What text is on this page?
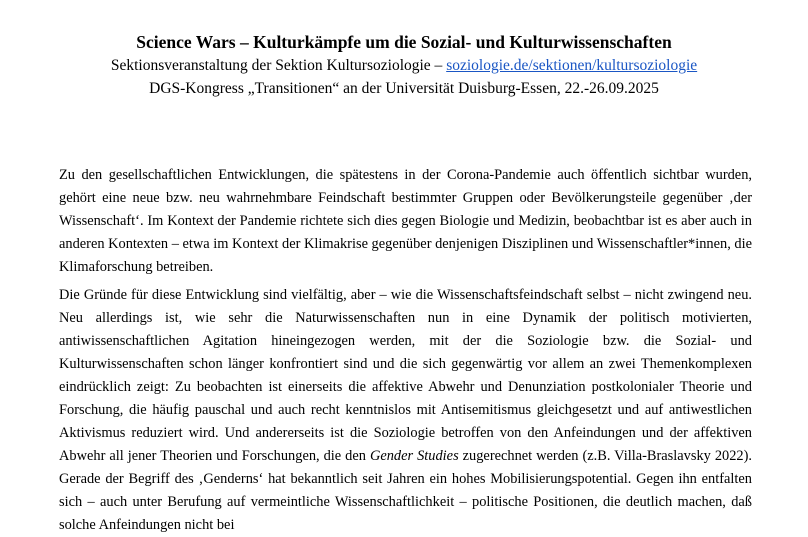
Science Wars – Kulturkämpfe um die Sozial- und Kulturwissenschaften

Sektionsveranstaltung der Sektion Kultursoziologie – soziologie.de/sektionen/kultursoziologie

DGS-Kongress „Transitionen“ an der Universität Duisburg-Essen, 22.-26.09.2025

Zu den gesellschaftlichen Entwicklungen, die spätestens in der Corona-Pandemie auch öffentlich sichtbar wurden, gehört eine neue bzw. neu wahrnehmbare Feindschaft bestimmter Gruppen oder Bevölkerungsteile gegenüber ‚der Wissenschaft‘. Im Kontext der Pandemie richtete sich dies gegen Biologie und Medizin, beobachtbar ist es aber auch in anderen Kontexten – etwa im Kontext der Klimakrise gegenüber denjenigen Disziplinen und Wissenschaftler*innen, die Klimaforschung betreiben.

Die Gründe für diese Entwicklung sind vielfältig, aber – wie die Wissenschaftsfeindschaft selbst – nicht zwingend neu. Neu allerdings ist, wie sehr die Naturwissenschaften nun in eine Dynamik der politisch motivierten, antiwissenschaftlichen Agitation hineingezogen werden, mit der die Soziologie bzw. die Sozial- und Kulturwissenschaften schon länger konfrontiert sind und die sich gegenwärtig vor allem an zwei Themenkomplexen eindrücklich zeigt: Zu beobachten ist einerseits die affektive Abwehr und Denunziation postkolonialer Theorie und Forschung, die häufig pauschal und auch recht kenntnislos mit Antisemitismus gleichgesetzt und auf antiwestlichen Aktivismus reduziert wird. Und andererseits ist die Soziologie betroffen von den Anfeindungen und der affektiven Abwehr all jener Theorien und Forschungen, die den Gender Studies zugerechnet werden (z.B. Villa-Braslavsky 2022). Gerade der Begriff des ‚Genderns‘ hat bekanntlich seit Jahren ein hohes Mobilisierungspotential. Gegen ihn entfalten sich – auch unter Berufung auf vermeintliche Wissenschaftlichkeit – politische Positionen, die deutlich machen, daß solche Anfeindungen nicht bei
